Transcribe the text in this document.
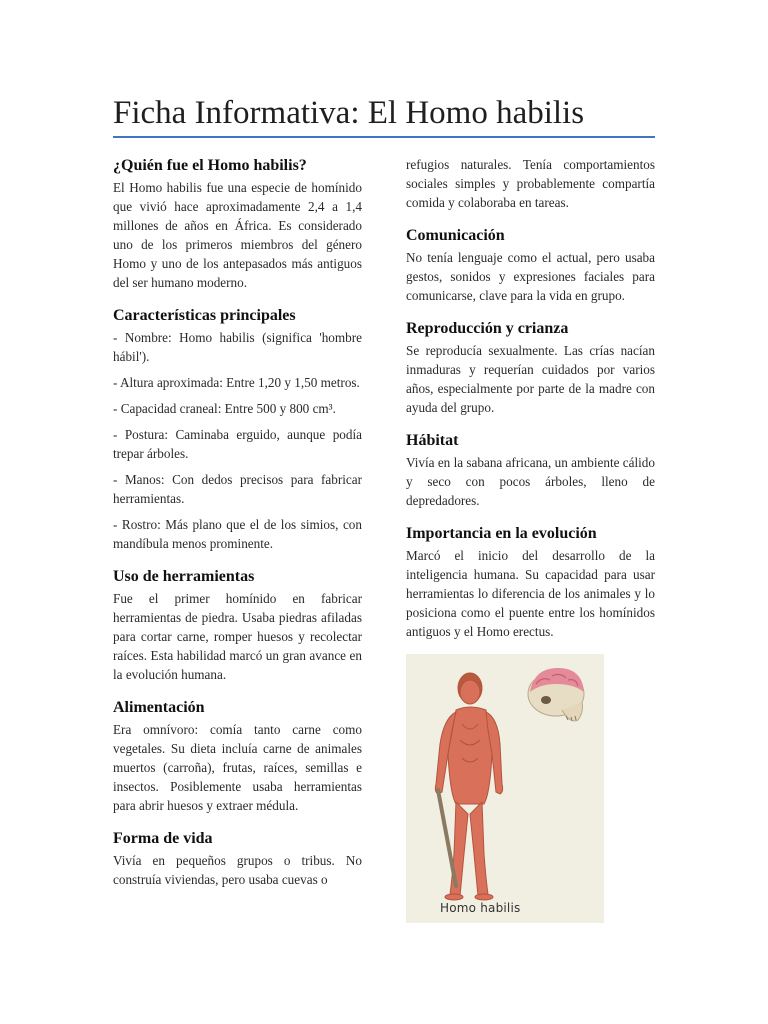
Ficha Informativa: El Homo habilis
¿Quién fue el Homo habilis?

El Homo habilis fue una especie de homínido que vivió hace aproximadamente 2,4 a 1,4 millones de años en África. Es considerado uno de los primeros miembros del género Homo y uno de los antepasados más antiguos del ser humano moderno.

Características principales

- Nombre: Homo habilis (significa 'hombre hábil').

- Altura aproximada: Entre 1,20 y 1,50 metros.

- Capacidad craneal: Entre 500 y 800 cm³.

- Postura: Caminaba erguido, aunque podía trepar árboles.

- Manos: Con dedos precisos para fabricar herramientas.

- Rostro: Más plano que el de los simios, con mandíbula menos prominente.

Uso de herramientas

Fue el primer homínido en fabricar herramientas de piedra. Usaba piedras afiladas para cortar carne, romper huesos y recolectar raíces. Esta habilidad marcó un gran avance en la evolución humana.

Alimentación

Era omnívoro: comía tanto carne como vegetales. Su dieta incluía carne de animales muertos (carroña), frutas, raíces, semillas e insectos. Posiblemente usaba herramientas para abrir huesos y extraer médula.

Forma de vida

Vivía en pequeños grupos o tribus. No construía viviendas, pero usaba cuevas o

refugios naturales. Tenía comportamientos sociales simples y probablemente compartía comida y colaboraba en tareas.

Comunicación

No tenía lenguaje como el actual, pero usaba gestos, sonidos y expresiones faciales para comunicarse, clave para la vida en grupo.

Reproducción y crianza

Se reproducía sexualmente. Las crías nacían inmaduras y requerían cuidados por varios años, especialmente por parte de la madre con ayuda del grupo.

Hábitat

Vivía en la sabana africana, un ambiente cálido y seco con pocos árboles, lleno de depredadores.

Importancia en la evolución

Marcó el inicio del desarrollo de la inteligencia humana. Su capacidad para usar herramientas lo diferencia de los animales y lo posiciona como el puente entre los homínidos antiguos y el Homo erectus.

Homo habilis
